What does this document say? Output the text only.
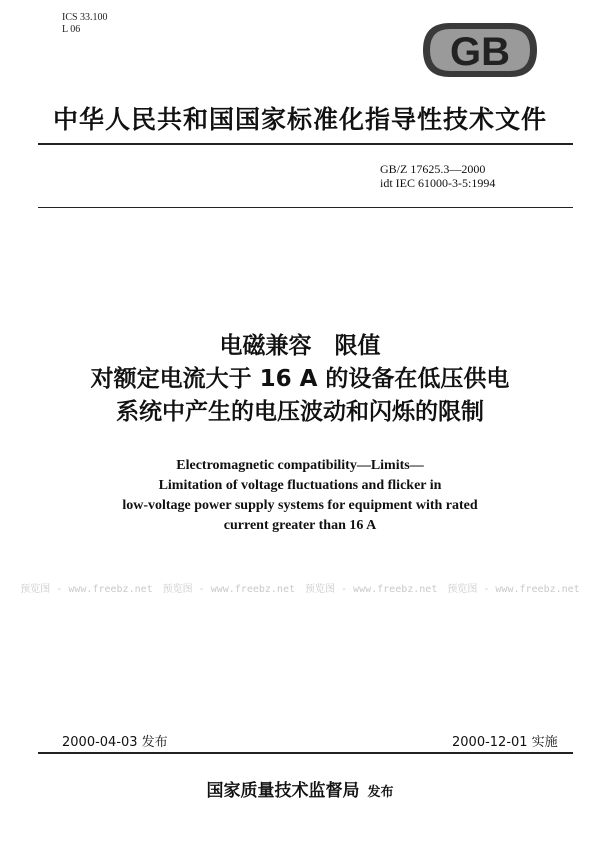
ICS 33.100
L 06
GB
中华人民共和国国家标准化指导性技术文件
GB/Z 17625.3—2000
idt IEC 61000-3-5:1994
电磁兼容　限值
对额定电流大于 16 A 的设备在低压供电
系统中产生的电压波动和闪烁的限制
Electromagnetic compatibility—Limits—
Limitation of voltage fluctuations and flicker in
low-voltage power supply systems for equipment with rated
current greater than 16 A
预览图 - www.freebz.net　预览图 - www.freebz.net　预览图 - www.freebz.net　预览图 - www.freebz.net
2000-04-03 发布	2000-12-01 实施
国家质量技术监督局 发布
